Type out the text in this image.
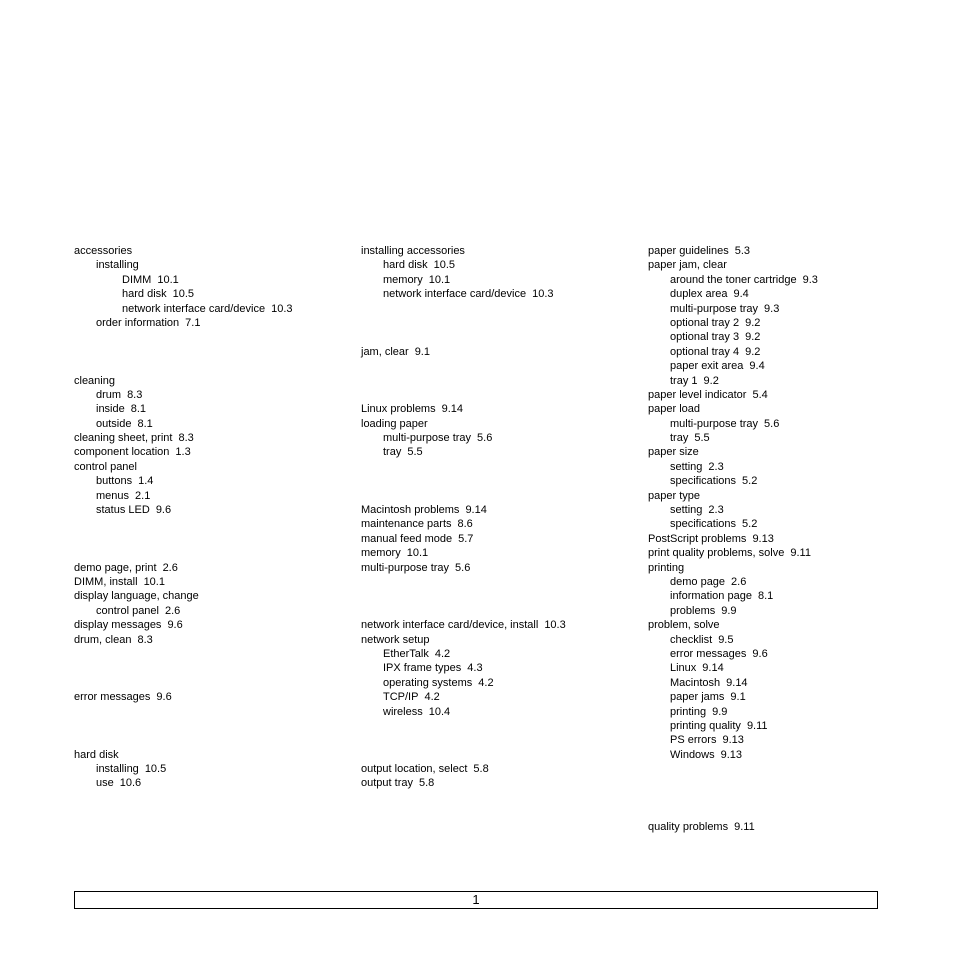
accessories
installing
DIMM 10.1
hard disk 10.5
network interface card/device 10.3
order information 7.1
cleaning
drum 8.3
inside 8.1
outside 8.1
cleaning sheet, print 8.3
component location 1.3
control panel
buttons 1.4
menus 2.1
status LED 9.6
demo page, print 2.6
DIMM, install 10.1
display language, change
control panel 2.6
display messages 9.6
drum, clean 8.3
error messages 9.6
hard disk
installing 10.5
use 10.6
installing accessories
hard disk 10.5
memory 10.1
network interface card/device 10.3
jam, clear 9.1
Linux problems 9.14
loading paper
multi-purpose tray 5.6
tray 5.5
Macintosh problems 9.14
maintenance parts 8.6
manual feed mode 5.7
memory 10.1
multi-purpose tray 5.6
network interface card/device, install 10.3
network setup
EtherTalk 4.2
IPX frame types 4.3
operating systems 4.2
TCP/IP 4.2
wireless 10.4
output location, select 5.8
output tray 5.8
paper guidelines 5.3
paper jam, clear
around the toner cartridge 9.3
duplex area 9.4
multi-purpose tray 9.3
optional tray 2 9.2
optional tray 3 9.2
optional tray 4 9.2
paper exit area 9.4
tray 1 9.2
paper level indicator 5.4
paper load
multi-purpose tray 5.6
tray 5.5
paper size
setting 2.3
specifications 5.2
paper type
setting 2.3
specifications 5.2
PostScript problems 9.13
print quality problems, solve 9.11
printing
demo page 2.6
information page 8.1
problems 9.9
problem, solve
checklist 9.5
error messages 9.6
Linux 9.14
Macintosh 9.14
paper jams 9.1
printing 9.9
printing quality 9.11
PS errors 9.13
Windows 9.13
quality problems 9.11
1
